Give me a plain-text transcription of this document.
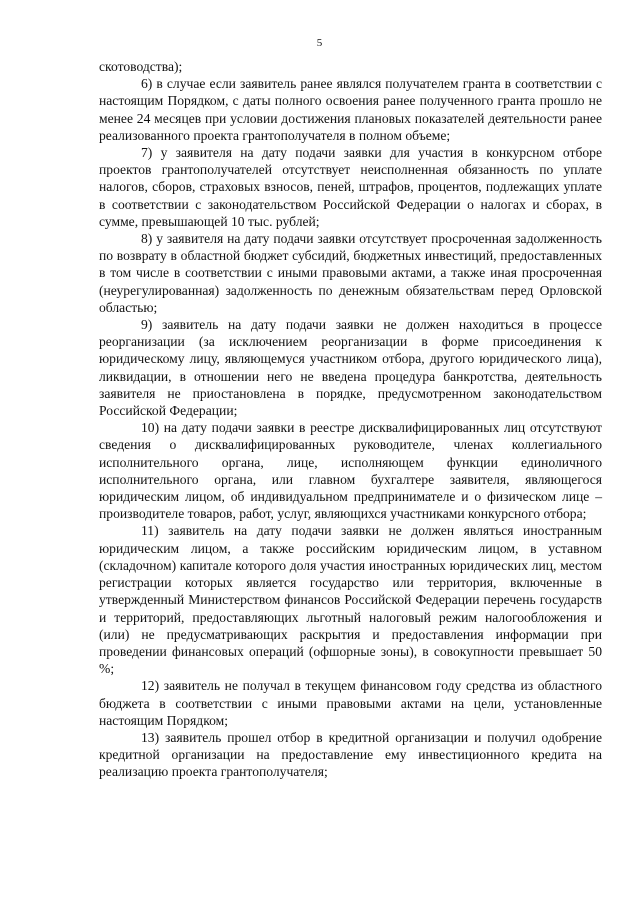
5

скотоводства);

6) в случае если заявитель ранее являлся получателем гранта в соответствии с настоящим Порядком, с даты полного освоения ранее полученного гранта прошло не менее 24 месяцев при условии достижения плановых показателей деятельности ранее реализованного проекта грантополучателя в полном объеме;

7) у заявителя на дату подачи заявки для участия в конкурсном отборе проектов грантополучателей отсутствует неисполненная обязанность по уплате налогов, сборов, страховых взносов, пеней, штрафов, процентов, подлежащих уплате в соответствии с законодательством Российской Федерации о налогах и сборах, в сумме, превышающей 10 тыс. рублей;

8) у заявителя на дату подачи заявки отсутствует просроченная задолженность по возврату в областной бюджет субсидий, бюджетных инвестиций, предоставленных в том числе в соответствии с иными правовыми актами, а также иная просроченная (неурегулированная) задолженность по денежным обязательствам перед Орловской областью;

9) заявитель на дату подачи заявки не должен находиться в процессе реорганизации (за исключением реорганизации в форме присоединения к юридическому лицу, являющемуся участником отбора, другого юридического лица), ликвидации, в отношении него не введена процедура банкротства, деятельность заявителя не приостановлена в порядке, предусмотренном законодательством Российской Федерации;

10) на дату подачи заявки в реестре дисквалифицированных лиц отсутствуют сведения о дисквалифицированных руководителе, членах коллегиального исполнительного органа, лице, исполняющем функции единоличного исполнительного органа, или главном бухгалтере заявителя, являющегося юридическим лицом, об индивидуальном предпринимателе и о физическом лице – производителе товаров, работ, услуг, являющихся участниками конкурсного отбора;

11) заявитель на дату подачи заявки не должен являться иностранным юридическим лицом, а также российским юридическим лицом, в уставном (складочном) капитале которого доля участия иностранных юридических лиц, местом регистрации которых является государство или территория, включенные в утвержденный Министерством финансов Российской Федерации перечень государств и территорий, предоставляющих льготный налоговый режим налогообложения и (или) не предусматривающих раскрытия и предоставления информации при проведении финансовых операций (офшорные зоны), в совокупности превышает 50 %;

12) заявитель не получал в текущем финансовом году средства из областного бюджета в соответствии с иными правовыми актами на цели, установленные настоящим Порядком;

13) заявитель прошел отбор в кредитной организации и получил одобрение кредитной организации на предоставление ему инвестиционного кредита на реализацию проекта грантополучателя;
